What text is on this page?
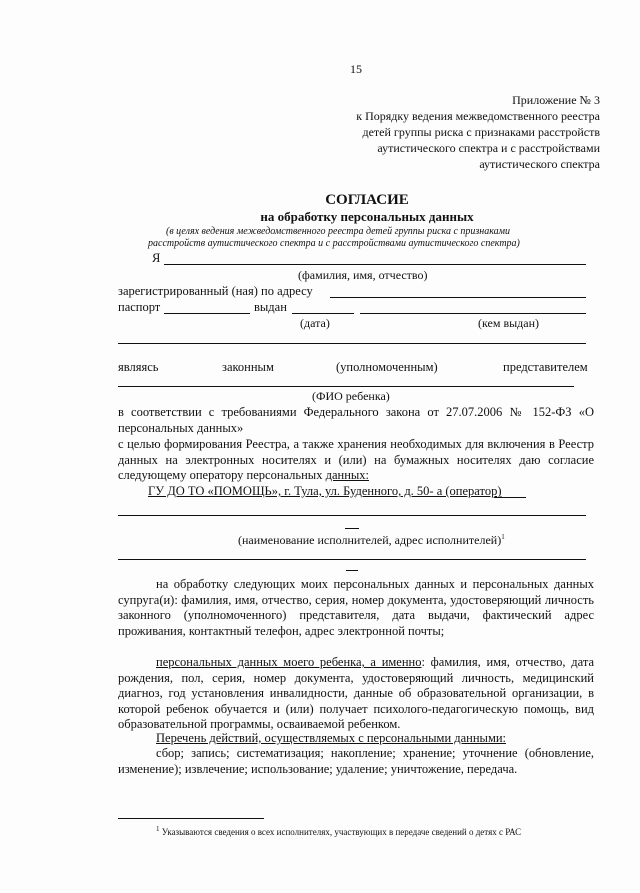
15
Приложение № 3
к Порядку ведения межведомственного реестра
детей группы риска с признаками расстройств
аутистического спектра и с расстройствами
аутистического спектра
СОГЛАСИЕ
на обработку персональных данных
(в целях ведения межведомственного реестра детей группы риска с признаками
расстройств аутистического спектра и с расстройствами аутистического спектра)
Я
(фамилия, имя, отчество)
зарегистрированный (ная) по адресу
паспорт	выдан
(дата)	(кем выдан)
являясь	законным	(уполномоченным)	представителем
(ФИО ребенка)
в соответствии с требованиями Федерального закона от 27.07.2006 № 152-ФЗ «О
персональных данных»
с целью формирования Реестра, а также хранения необходимых для включения в Реестр данных на электронных носителях и (или) на бумажных носителях даю согласие следующему оператору персональных данных:
ГУ ДО ТО «ПОМОЩЬ», г. Тула, ул. Буденного, д. 50- а (оператор)
(наименование исполнителей, адрес исполнителей)$^1$
на обработку следующих моих персональных данных и персональных данных супруга(и): фамилия, имя, отчество, серия, номер документа, удостоверяющий личность законного (уполномоченного) представителя, дата выдачи, фактический адрес проживания, контактный телефон, адрес электронной почты;
персональных данных моего ребенка, а именно: фамилия, имя, отчество, дата рождения, пол, серия, номер документа, удостоверяющий личность, медицинский диагноз, год установления инвалидности, данные об образовательной организации, в которой ребенок обучается и (или) получает психолого-педагогическую помощь, вид образовательной программы, осваиваемой ребенком.
Перечень действий, осуществляемых с персональными данными:
сбор; запись; систематизация; накопление; хранение; уточнение (обновление, изменение); извлечение; использование; удаление; уничтожение, передача.
$^1$ Указываются сведения о всех исполнителях, участвующих в передаче сведений о детях с РАС
